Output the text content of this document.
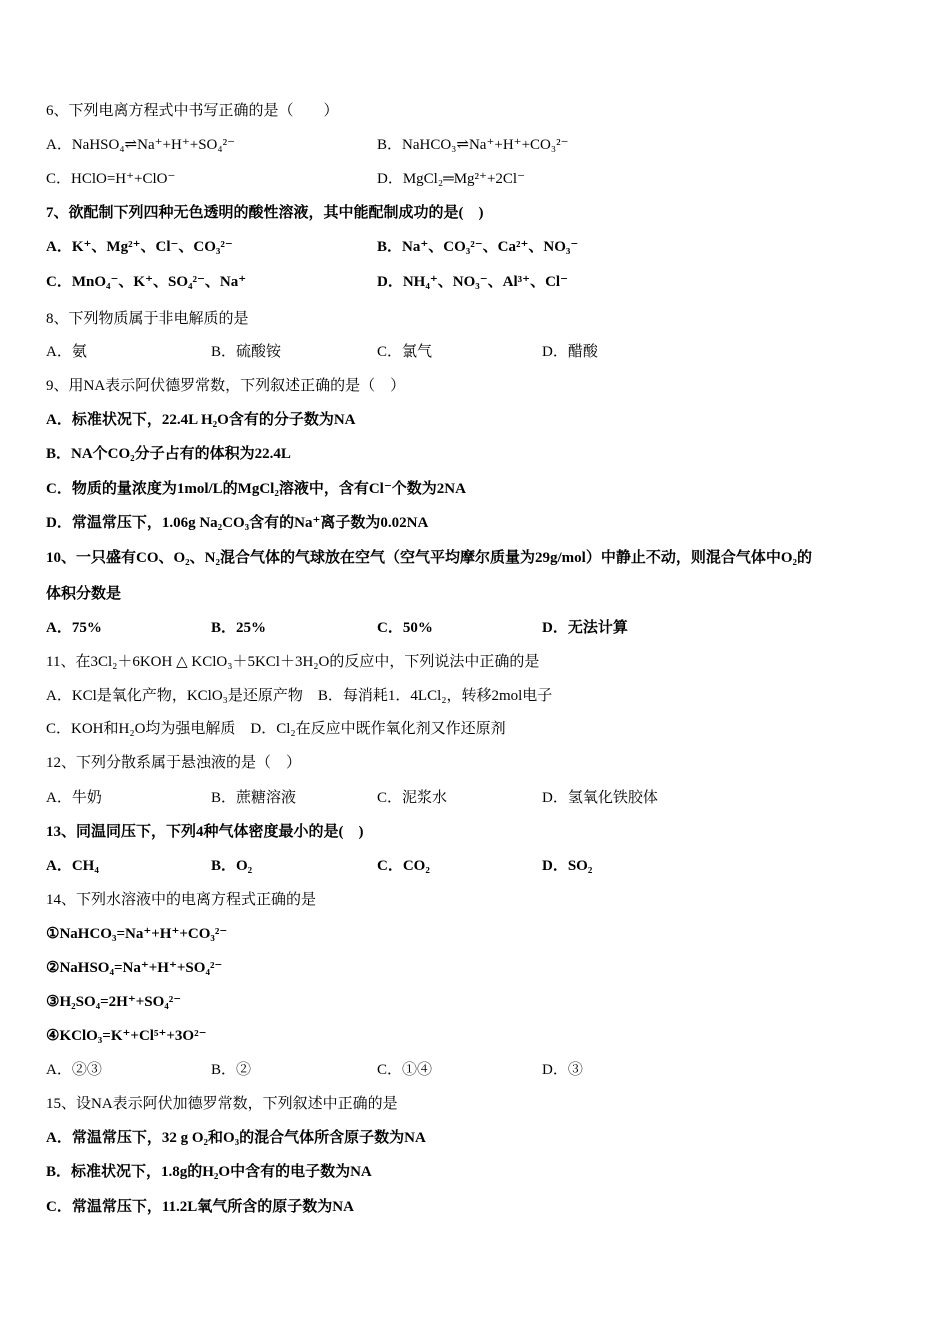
6、下列电离方程式中书写正确的是（　　）
A．NaHSO₄⇌Na⁺+H⁺+SO₄²⁻	B．NaHCO₃⇌Na⁺+H⁺+CO₃²⁻
C．HClO=H⁺+ClO⁻	D．MgCl₂═Mg²⁺+2Cl⁻
7、欲配制下列四种无色透明的酸性溶液，其中能配制成功的是(　)
A．K⁺、Mg²⁺、Cl⁻、CO₃²⁻	B．Na⁺、CO₃²⁻、Ca²⁺、NO₃⁻
C．MnO₄⁻、K⁺、SO₄²⁻、Na⁺	D．NH₄⁺、NO₃⁻、Al³⁺、Cl⁻
8、下列物质属于非电解质的是
A．氨	B．硫酸铵	C．氯气	D．醋酸
9、用NA表示阿伏德罗常数，下列叙述正确的是（　）
A．标准状况下，22.4L H₂O含有的分子数为NA
B．NA个CO₂分子占有的体积为22.4L
C．物质的量浓度为1mol/L的MgCl₂溶液中，含有Cl⁻个数为2NA
D．常温常压下，1.06g Na₂CO₃含有的Na⁺离子数为0.02NA
10、一只盛有CO、O₂、N₂混合气体的气球放在空气（空气平均摩尔质量为29g/mol）中静止不动，则混合气体中O₂的
体积分数是
A．75%	B．25%	C．50%	D．无法计算
11、在3Cl₂＋6KOH △ KClO₃＋5KCl＋3H₂O的反应中，下列说法中正确的是
A．KCl是氧化产物，KClO₃是还原产物　B．每消耗1．4LCl₂，转移2mol电子
C．KOH和H₂O均为强电解质　D．Cl₂在反应中既作氧化剂又作还原剂
12、下列分散系属于悬浊液的是（　）
A．牛奶	B．蔗糖溶液	C．泥浆水	D．氢氧化铁胶体
13、同温同压下，下列4种气体密度最小的是(　)
A．CH₄	B．O₂	C．CO₂	D．SO₂
14、下列水溶液中的电离方程式正确的是
①NaHCO₃=Na⁺+H⁺+CO₃²⁻
②NaHSO₄=Na⁺+H⁺+SO₄²⁻
③H₂SO₄=2H⁺+SO₄²⁻
④KClO₃=K⁺+Cl⁵⁺+3O²⁻
A．②③	B．②	C．①④	D．③
15、设NA表示阿伏加德罗常数，下列叙述中正确的是
A．常温常压下，32 g O₂和O₃的混合气体所含原子数为NA
B．标准状况下，1.8g的H₂O中含有的电子数为NA
C．常温常压下，11.2L氧气所含的原子数为NA
